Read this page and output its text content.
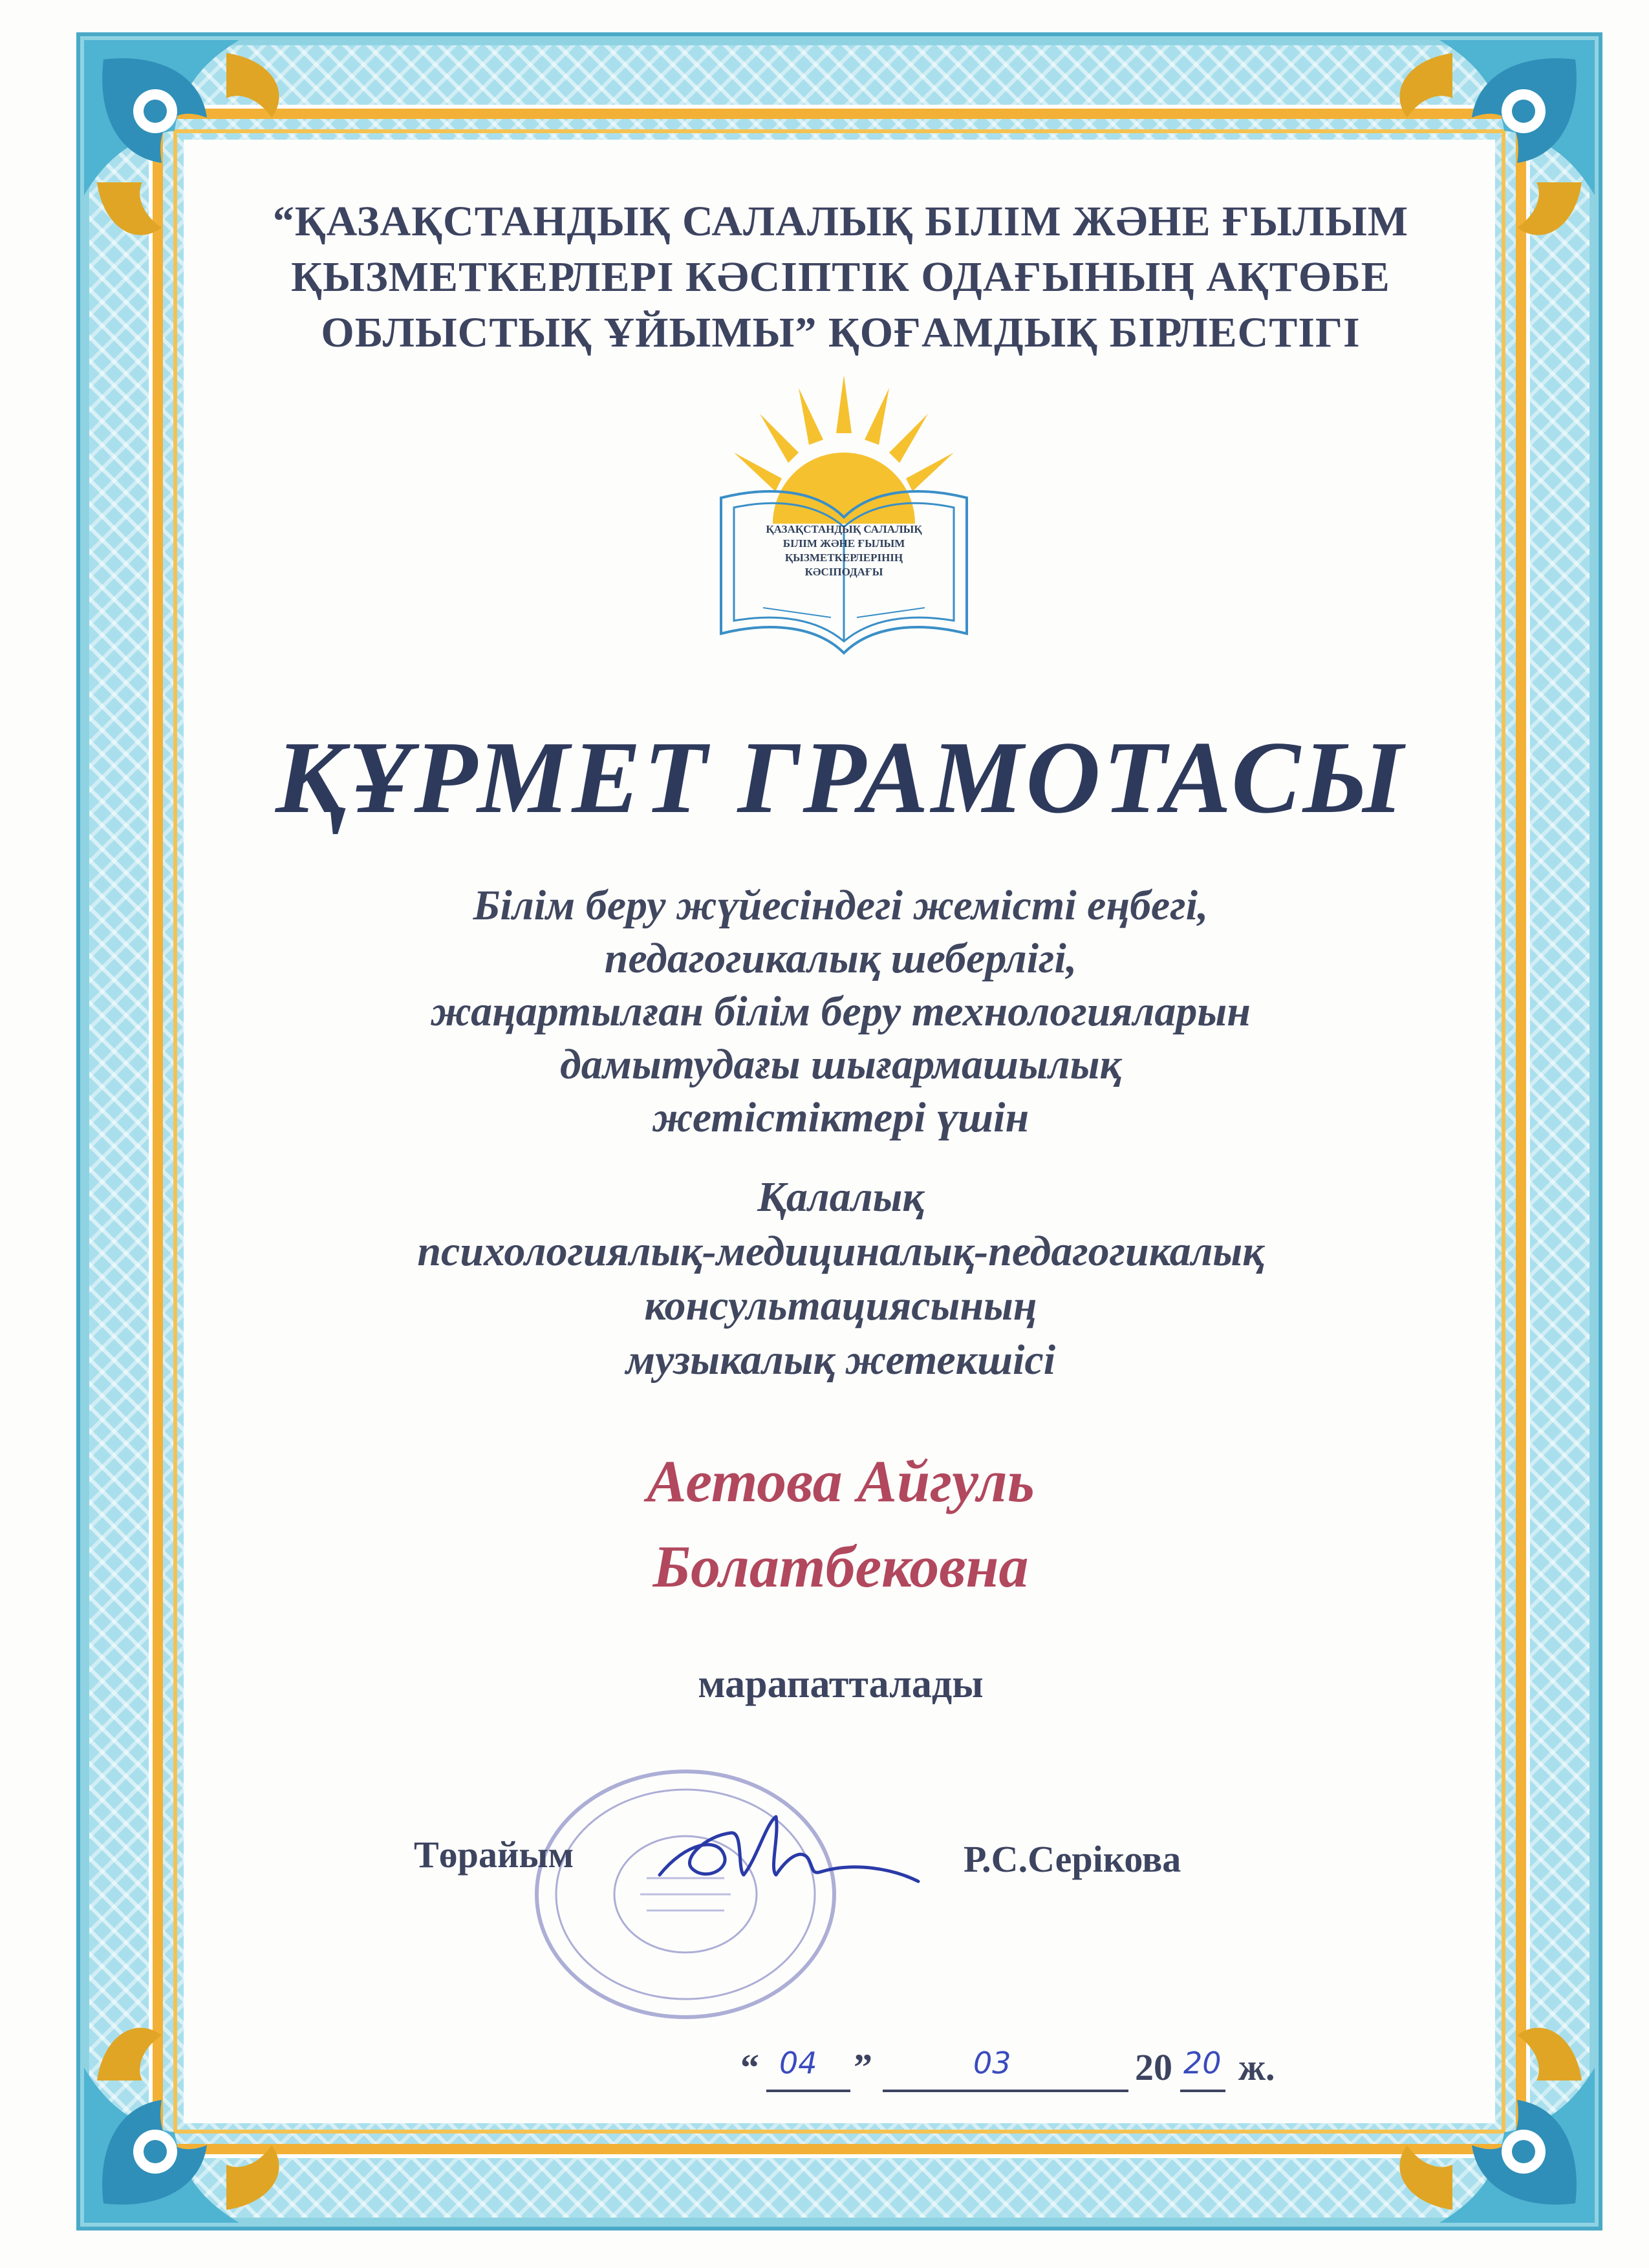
“ҚАЗАҚСТАНДЫҚ САЛАЛЫҚ БІЛІМ ЖӘНЕ ҒЫЛЫМ
ҚЫЗМЕТКЕРЛЕРІ КӘСІПТІК ОДАҒЫНЫҢ АҚТӨБЕ
ОБЛЫСТЫҚ ҰЙЫМЫ” ҚОҒАМДЫҚ БІРЛЕСТІГІ
ҚАЗАҚСТАНДЫҚ САЛАЛЫҚ
БІЛІМ ЖӘНЕ ҒЫЛЫМ
ҚЫЗМЕТКЕРЛЕРІНІҢ
КӘСІПОДАҒЫ
ҚҰРМЕТ ГРАМОТАСЫ
Білім беру жүйесіндегі жемісті еңбегі,
педагогикалық шеберлігі,
жаңартылған білім беру технологияларын
дамытудағы шығармашылық
жетістіктері үшін
Қалалық
психологиялық-медициналық-педагогикалық
консультациясының
музыкалық жетекшісі
Аетова Айгуль
Болатбековна
марапатталады
Төрайым	Р.С.Серікова
“ 04 ”	03	20 20 ж.
